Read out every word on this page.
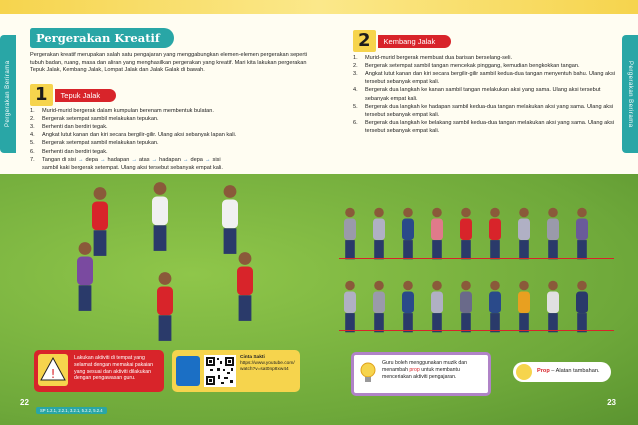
Pergerakan Berirama	Pergerakan Berirama
Pergerakan Kreatif
Pergerakan kreatif merupakan salah satu pengajaran yang menggabungkan elemen-elemen pergerakan seperti tubuh badan, ruang, masa dan aliran yang menghasilkan pergerakan yang kreatif. Mari kita lakukan pergerakan Tepuk Jalak, Kembang Jalak, Lompat Jalak dan Jalak Galak di bawah.
1	Tepuk Jalak
1.	Murid-murid bergerak dalam kumpulan berenam membentuk bulatan.
2.	Bergerak setempat sambil melakukan tepukan.
3.	Berhenti dan berdiri tegak.
4.	Angkat lutut kanan dan kiri secara bergilir-gilir. Ulang aksi sebanyak lapan kali.
5.	Bergerak setempat sambil melakukan tepukan.
6.	Berhenti dan berdiri tegak.
7.	Tangan di sisi → depa → hadapan → atas → hadapan → depa → sisi
sambil kaki bergerak setempat. Ulang aksi tersebut sebanyak empat kali.
!
Lakukan aktiviti di tempat yang selamat dengan memakai pakaian yang sesuai dan aktiviti dilakukan dengan pengawasan guru.
Cinta Sakti
https://www.youtube.com/watch?v=sat0np8xw44
22
SP 1.2.1, 2.2.1, 3.2.1, 5.2.2, 5.2.4
2	Kembang Jalak
1.	Murid-murid bergerak membuat dua barisan berselang-seli.
2.	Bergerak setempat sambil tangan mencekak pinggang, kemudian bengkokkan tangan.
3.	Angkat lutut kanan dan kiri secara bergilir-gilir sambil kedua-dua tangan menyentuh bahu. Ulang aksi tersebut sebanyak empat kali.
4.	Bergerak dua langkah ke kanan sambil tangan melakukan aksi yang sama. Ulang aksi tersebut sebanyak empat kali.
5.	Bergerak dua langkah ke hadapan sambil kedua-dua tangan melakukan aksi yang sama. Ulang aksi tersebut sebanyak empat kali.
6.	Bergerak dua langkah ke belakang sambil kedua-dua tangan melakukan aksi yang sama. Ulang aksi tersebut sebanyak empat kali.
Guru boleh menggunakan muzik dan menambah prop untuk membantu menceriakan aktiviti pengajaran.
Prop – Alatan tambahan.
23
